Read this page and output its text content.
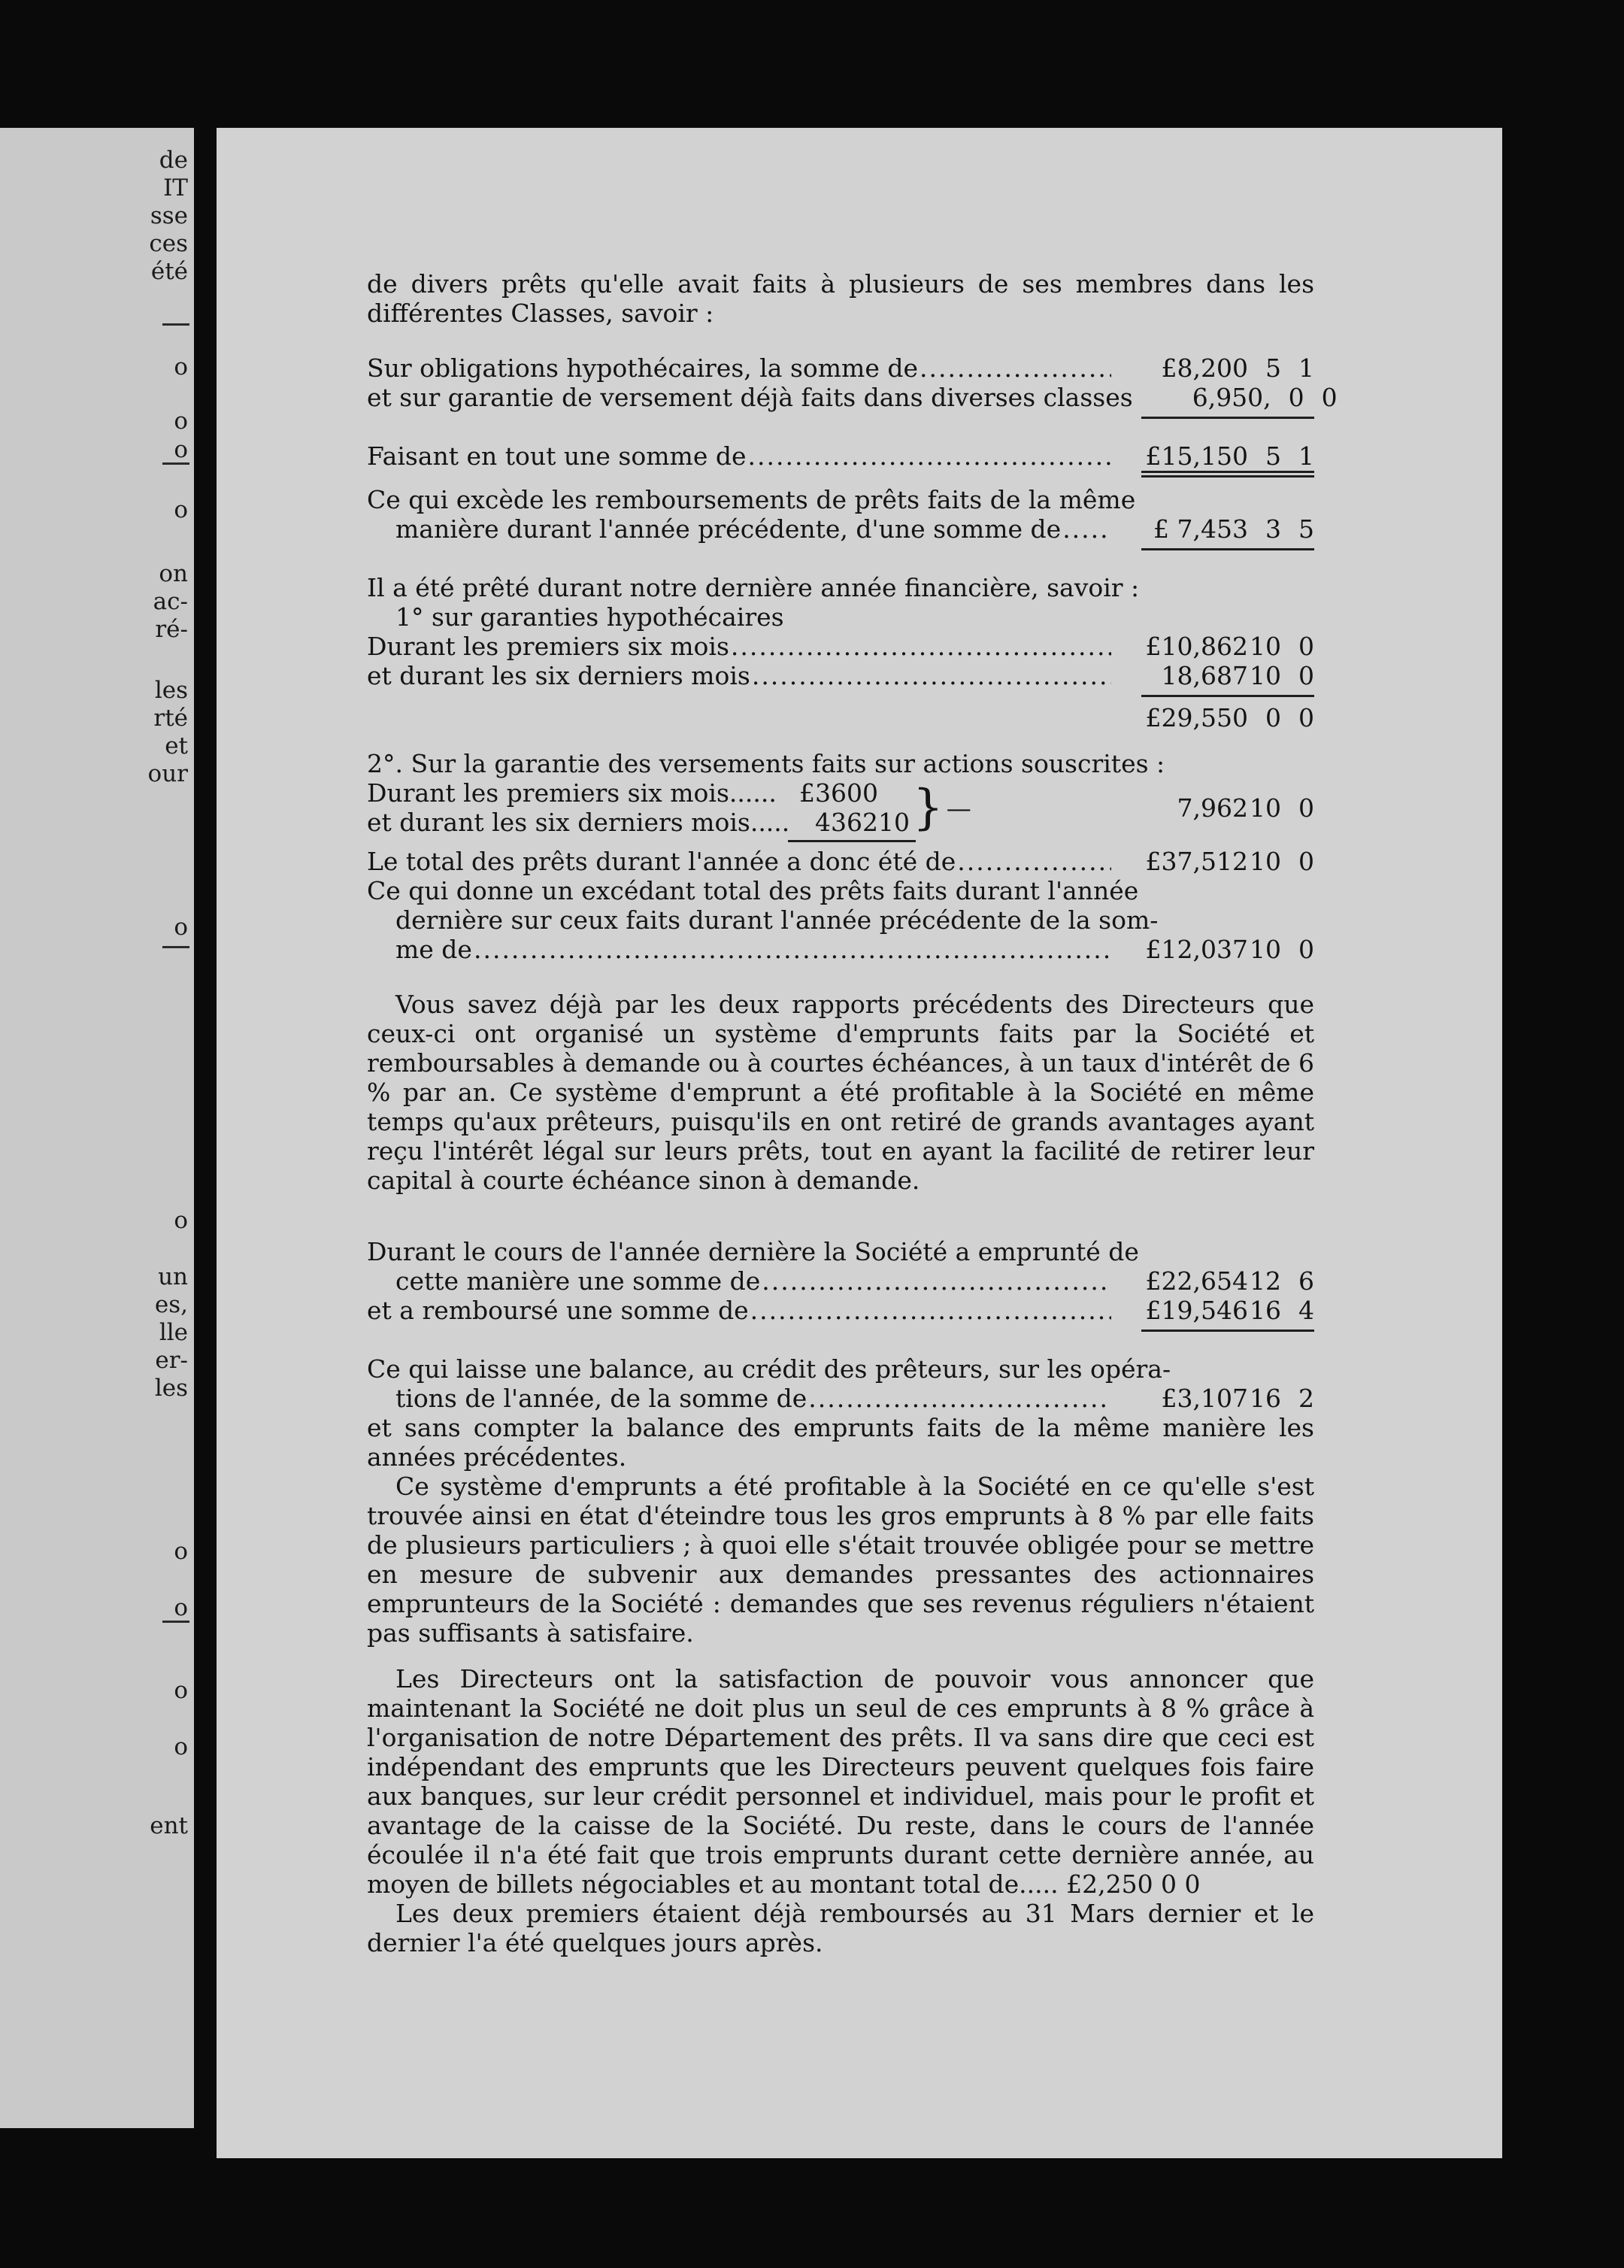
de
IT
sse
ces
été
o
o
o
o
on
ac-
ré-
les
rté
et
our
o
o
un
es,
lle
er-
les
o
o
o
o
ent

de divers prêts qu'elle avait faits à plusieurs de ses membres dans les différentes Classes, savoir :

Sur obligations hypothécaires, la somme de .....	£8,200 5 1
et sur garantie de versement déjà faits dans diverses classes	6,950, 0 0
Faisant en tout une somme de .....	£15,150 5 1

Ce qui excède les remboursements de prêts faits de la même

manière durant l'année précédente, d'une somme de .....	£ 7,453 3 5

Il a été prêté durant notre dernière année financière, savoir :

1° sur garanties hypothécaires

Durant les premiers six mois .....	£10,862 10 0
et durant les six derniers mois .....	18,687 10 0
£29,550 0 0

2°. Sur la garantie des versements faits sur actions souscrites :

Durant les premiers six mois...... £3600
et durant les six derniers mois.....	4362 10 } —	7,962 10 0
Le total des prêts durant l'année a donc été de .....	£37,512 10 0

Ce qui donne un excédant total des prêts faits durant l'année

dernière sur ceux faits durant l'année précédente de la som-

me de .....	£12,037 10 0

Vous savez déjà par les deux rapports précédents des Directeurs que ceux-ci ont organisé un système d'emprunts faits par la Société et remboursables à demande ou à courtes échéances, à un taux d'intérêt de 6 % par an. Ce système d'emprunt a été profitable à la Société en même temps qu'aux prêteurs, puisqu'ils en ont retiré de grands avantages ayant reçu l'intérêt légal sur leurs prêts, tout en ayant la facilité de retirer leur capital à courte échéance sinon à demande.

Durant le cours de l'année dernière la Société a emprunté de

cette manière une somme de .....	£22,654 12 6
et a remboursé une somme de .....	£19,546 16 4

Ce qui laisse une balance, au crédit des prêteurs, sur les opéra-

tions de l'année, de la somme de .....	£3,107 16 2

et sans compter la balance des emprunts faits de la même manière les années précédentes.

Ce système d'emprunts a été profitable à la Société en ce qu'elle s'est trouvée ainsi en état d'éteindre tous les gros emprunts à 8 % par elle faits de plusieurs particuliers ; à quoi elle s'était trouvée obligée pour se mettre en mesure de subvenir aux demandes pressantes des actionnaires emprunteurs de la Société : demandes que ses revenus réguliers n'étaient pas suffisants à satisfaire.

Les Directeurs ont la satisfaction de pouvoir vous annoncer que maintenant la Société ne doit plus un seul de ces emprunts à 8 % grâce à l'organisation de notre Département des prêts. Il va sans dire que ceci est indépendant des emprunts que les Directeurs peuvent quelques fois faire aux banques, sur leur crédit personnel et individuel, mais pour le profit et avantage de la caisse de la Société. Du reste, dans le cours de l'année écoulée il n'a été fait que trois emprunts durant cette dernière année, au moyen de billets négociables et au montant total de..... £2,250 0 0

Les deux premiers étaient déjà remboursés au 31 Mars dernier et le dernier l'a été quelques jours après.
